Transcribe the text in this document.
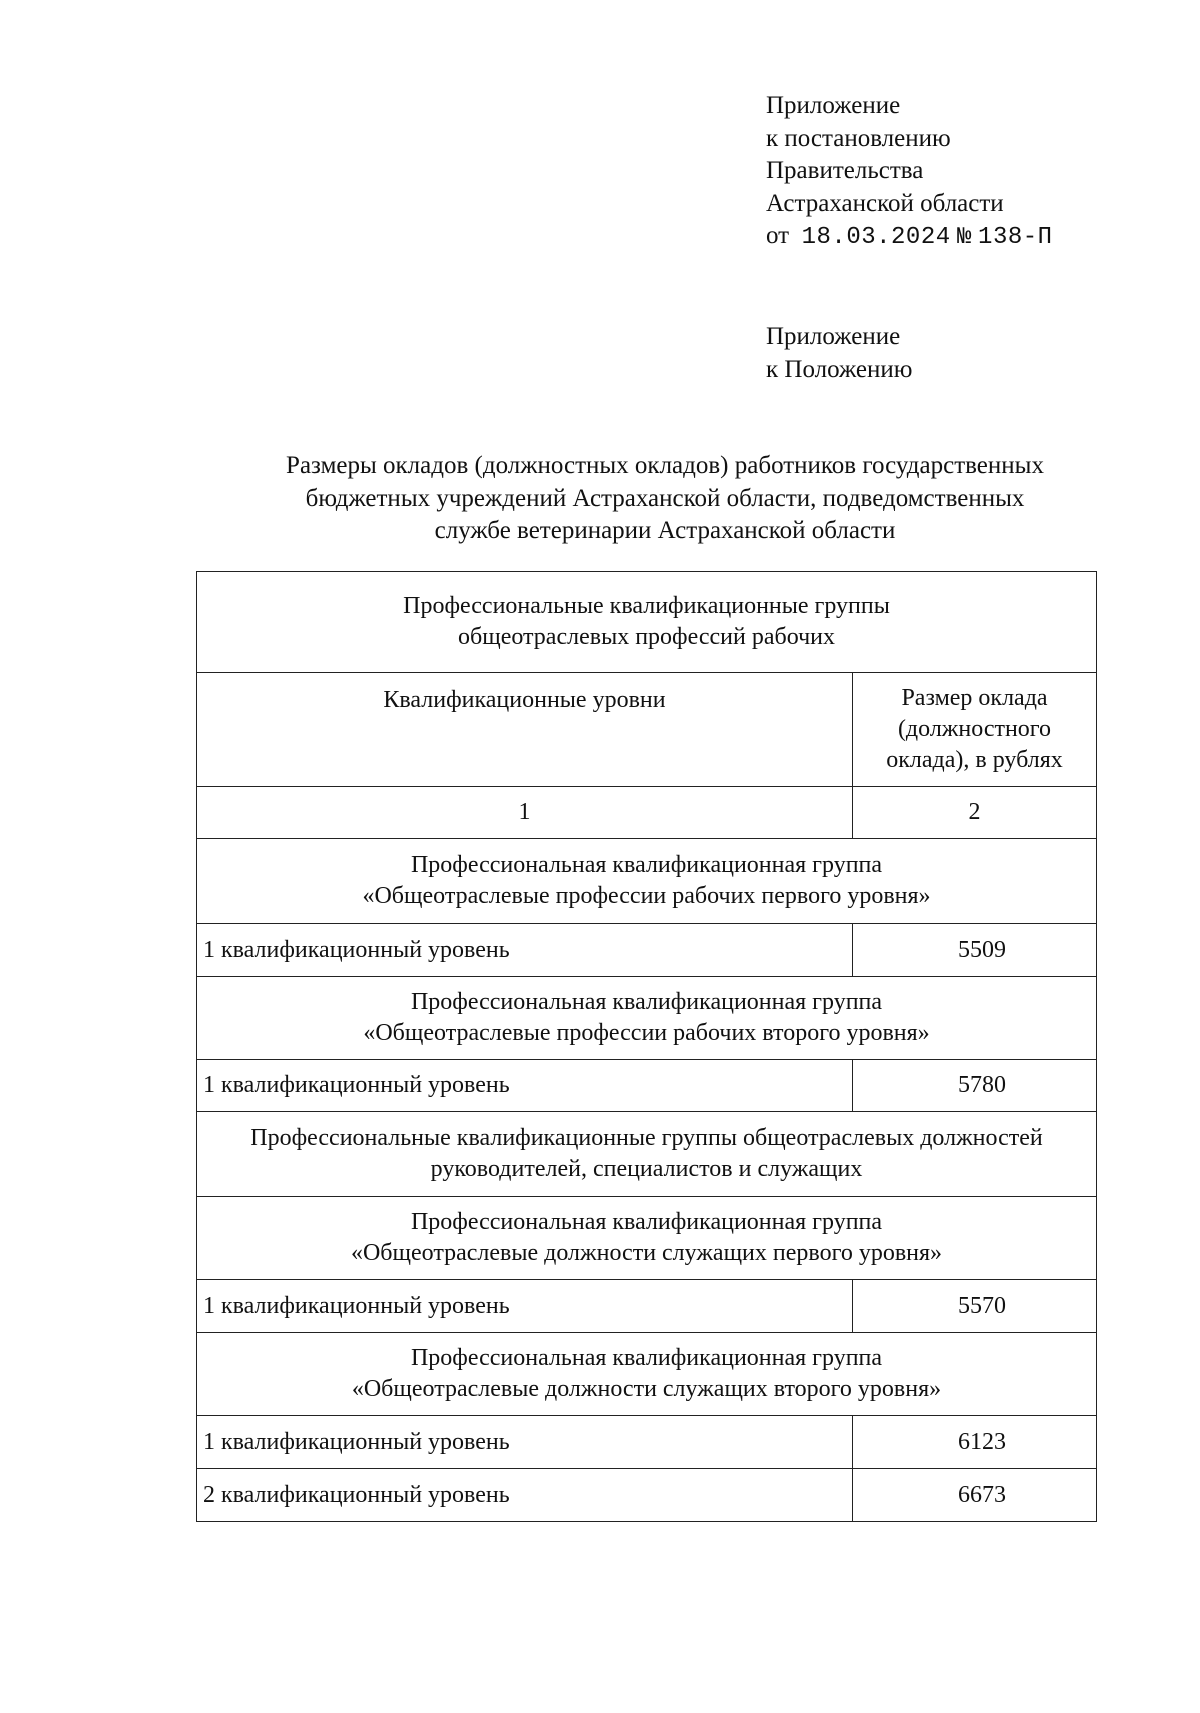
Приложение
к постановлению
Правительства
Астраханской области
от 18.03.2024 № 138-П
Приложение
к Положению
Размеры окладов (должностных окладов) работников государственных
бюджетных учреждений Астраханской области, подведомственных
службе ветеринарии Астраханской области
Профессиональные квалификационные группы
общеотраслевых профессий рабочих	

Квалификационные уровни	Размер оклада
(должностного
оклада), в рублях

1	2

Профессиональная квалификационная группа
«Общеотраслевые профессии рабочих первого уровня»	

1 квалификационный уровень	5509

Профессиональная квалификационная группа
«Общеотраслевые профессии рабочих второго уровня»	

1 квалификационный уровень	5780

Профессиональные квалификационные группы общеотраслевых должностей
руководителей, специалистов и служащих	

Профессиональная квалификационная группа
«Общеотраслевые должности служащих первого уровня»	

1 квалификационный уровень	5570

Профессиональная квалификационная группа
«Общеотраслевые должности служащих второго уровня»	

1 квалификационный уровень	6123
2 квалификационный уровень	6673
